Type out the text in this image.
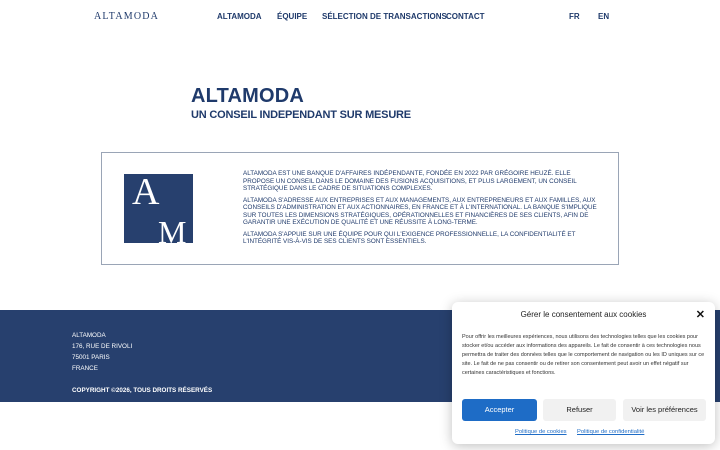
ALTAMODA	ALTAMODA ÉQUIPE SÉLECTION DE TRANSACTIONS CONTACT	FR EN
ALTAMODA
UN CONSEIL INDEPENDANT SUR MESURE
A
M

ALTAMODA EST UNE BANQUE D'AFFAIRES INDÉPENDANTE, FONDÉE EN 2022 PAR GRÉGOIRE HEUZÉ. ELLE PROPOSE UN CONSEIL DANS LE DOMAINE DES FUSIONS ACQUISITIONS, ET PLUS LARGEMENT, UN CONSEIL STRATÉGIQUE DANS LE CADRE DE SITUATIONS COMPLEXES.

ALTAMODA S'ADRESSE AUX ENTREPRISES ET AUX MANAGEMENTS, AUX ENTREPRENEURS ET AUX FAMILLES, AUX CONSEILS D'ADMINISTRATION ET AUX ACTIONNAIRES, EN FRANCE ET À L'INTERNATIONAL. LA BANQUE S'IMPLIQUE SUR TOUTES LES DIMENSIONS STRATÉGIQUES, OPÉRATIONNELLES ET FINANCIÈRES DE SES CLIENTS, AFIN DE GARANTIR UNE EXÉCUTION DE QUALITÉ ET UNE RÉUSSITE À LONG-TERME.

ALTAMODA S'APPUIE SUR UNE ÉQUIPE POUR QUI L'EXIGENCE PROFESSIONNELLE, LA CONFIDENTIALITÉ ET L'INTÉGRITÉ VIS-À-VIS DE SES CLIENTS SONT ESSENTIELS.

ALTAMODA
176, RUE DE RIVOLI
75001 PARIS
FRANCE
COPYRIGHT ©2026, TOUS DROITS RÉSERVÉS
Gérer le consentement aux cookies	✕
Pour offrir les meilleures expériences, nous utilisons des technologies telles que les cookies pour stocker et/ou accéder aux informations des appareils. Le fait de consentir à ces technologies nous permettra de traiter des données telles que le comportement de navigation ou les ID uniques sur ce site. Le fait de ne pas consentir ou de retirer son consentement peut avoir un effet négatif sur certaines caractéristiques et fonctions.
Accepter	Refuser	Voir les préférences
Politique de cookies Politique de confidentialité
